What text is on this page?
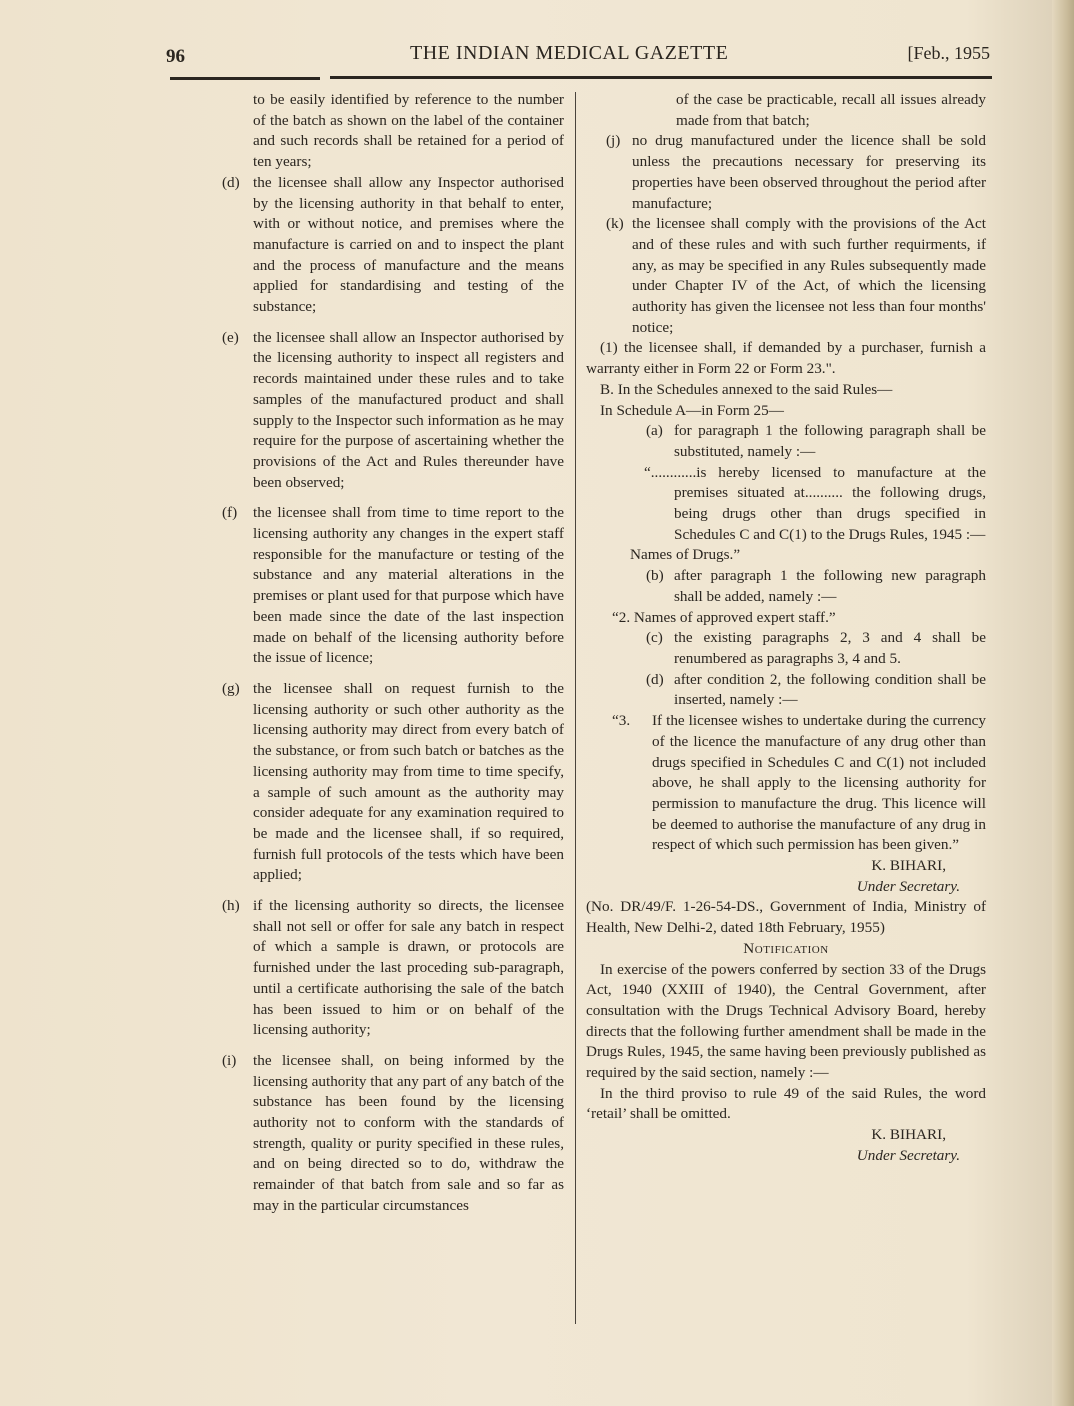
96	THE INDIAN MEDICAL GAZETTE	[Feb., 1955

to be easily identified by reference to the number of the batch as shown on the label of the container and such records shall be retained for a period of ten years;

(d) the licensee shall allow any Inspector authorised by the licensing authority in that behalf to enter, with or without notice, and premises where the manufacture is carried on and to inspect the plant and the process of manufacture and the means applied for standardising and testing of the substance;

(e) the licensee shall allow an Inspector authorised by the licensing authority to inspect all registers and records maintained under these rules and to take samples of the manufactured product and shall supply to the Inspector such information as he may require for the purpose of ascertaining whether the provisions of the Act and Rules thereunder have been observed;

(f) the licensee shall from time to time report to the licensing authority any changes in the expert staff responsible for the manufacture or testing of the substance and any material alterations in the premises or plant used for that purpose which have been made since the date of the last inspection made on behalf of the licensing authority before the issue of licence;

(g) the licensee shall on request furnish to the licensing authority or such other authority as the licensing authority may direct from every batch of the substance, or from such batch or batches as the licensing authority may from time to time specify, a sample of such amount as the authority may consider adequate for any examination required to be made and the licensee shall, if so required, furnish full protocols of the tests which have been applied;

(h) if the licensing authority so directs, the licensee shall not sell or offer for sale any batch in respect of which a sample is drawn, or protocols are furnished under the last proceding sub-paragraph, until a certificate authorising the sale of the batch has been issued to him or on behalf of the licensing authority;

(i) the licensee shall, on being informed by the licensing authority that any part of any batch of the substance has been found by the licensing authority not to conform with the standards of strength, quality or purity specified in these rules, and on being directed so to do, withdraw the remainder of that batch from sale and so far as may in the particular circumstances

of the case be practicable, recall all issues already made from that batch;

(j) no drug manufactured under the licence shall be sold unless the precautions necessary for preserving its properties have been observed throughout the period after manufacture;

(k) the licensee shall comply with the provisions of the Act and of these rules and with such further requirments, if any, as may be specified in any Rules subsequently made under Chapter IV of the Act, of which the licensing authority has given the licensee not less than four months' notice;

(1) the licensee shall, if demanded by a purchaser, furnish a warranty either in Form 22 or Form 23.".

B. In the Schedules annexed to the said Rules—

In Schedule A—in Form 25—

(a) for paragraph 1 the following paragraph shall be substituted, namely :—

“............is hereby licensed to manufacture at the premises situated at.......... the following drugs, being drugs other than drugs specified in Schedules C and C(1) to the Drugs Rules, 1945 :—

Names of Drugs.”

(b) after paragraph 1 the following new paragraph shall be added, namely :—

“2. Names of approved expert staff.”

(c) the existing paragraphs 2, 3 and 4 shall be renumbered as paragraphs 3, 4 and 5.

(d) after condition 2, the following condition shall be inserted, namely :—

“3. If the licensee wishes to undertake during the currency of the licence the manufacture of any drug other than drugs specified in Schedules C and C(1) not included above, he shall apply to the licensing authority for permission to manufacture the drug. This licence will be deemed to authorise the manufacture of any drug in respect of which such permission has been given.”

K. BIHARI,

Under Secretary.

(No. DR/49/F. 1-26-54-DS., Government of India, Ministry of Health, New Delhi-2, dated 18th February, 1955)

Notification

In exercise of the powers conferred by section 33 of the Drugs Act, 1940 (XXIII of 1940), the Central Government, after consultation with the Drugs Technical Advisory Board, hereby directs that the following further amendment shall be made in the Drugs Rules, 1945, the same having been previously published as required by the said section, namely :—

In the third proviso to rule 49 of the said Rules, the word ‘retail’ shall be omitted.

K. BIHARI,

Under Secretary.
